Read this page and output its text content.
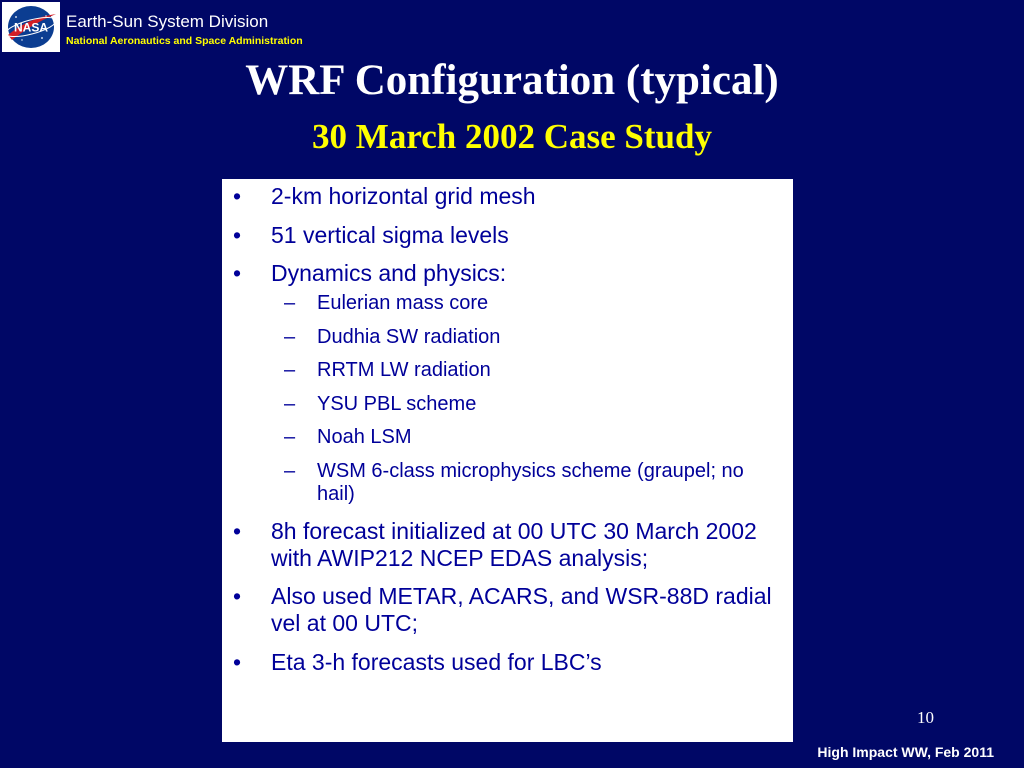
NASA Earth-Sun System Division
National Aeronautics and Space Administration
WRF Configuration (typical)
30 March 2002 Case Study
• 2-km horizontal grid mesh
• 51 vertical sigma levels
• Dynamics and physics:
– Eulerian mass core
– Dudhia SW radiation
– RRTM LW radiation
– YSU PBL scheme
– Noah LSM
– WSM 6-class microphysics scheme (graupel; no hail)
• 8h forecast initialized at 00 UTC 30 March 2002 with AWIP212 NCEP EDAS analysis;
• Also used METAR, ACARS, and WSR-88D radial vel at 00 UTC;
• Eta 3-h forecasts used for LBC’s
10
High Impact WW, Feb 2011
